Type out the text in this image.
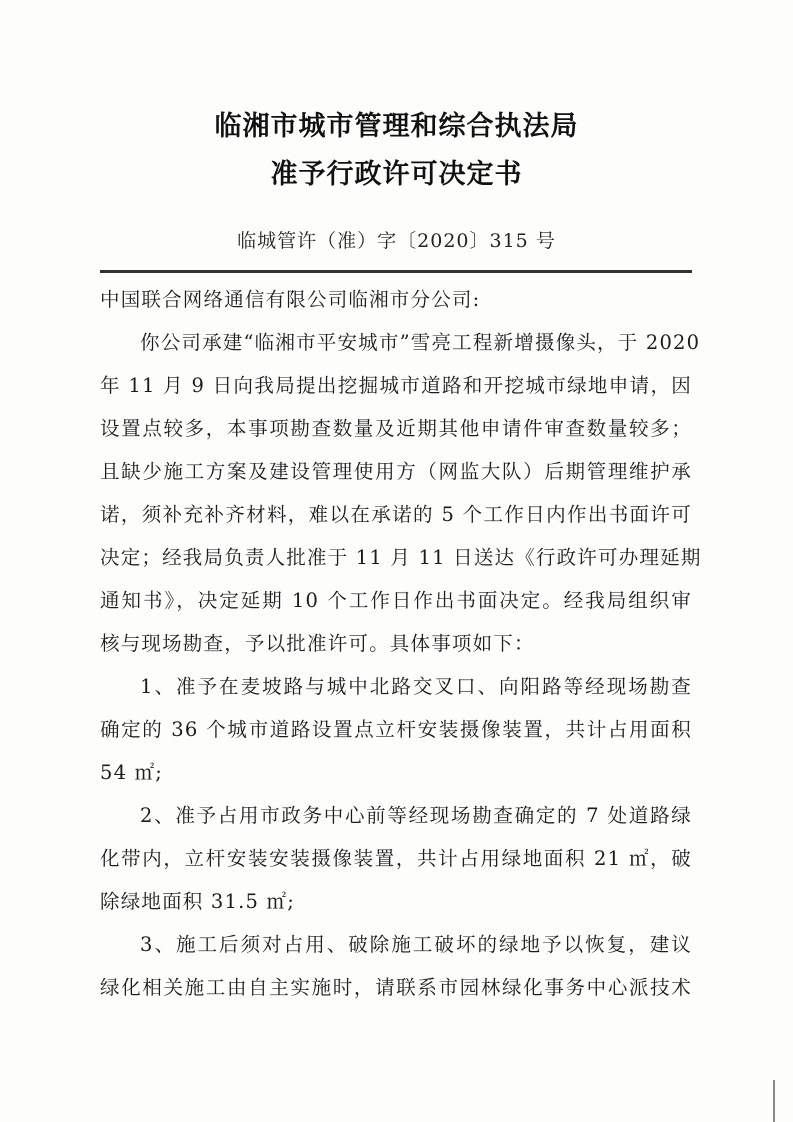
临湘市城市管理和综合执法局
准予行政许可决定书
临城管许（准）字〔2020〕315 号
中国联合网络通信有限公司临湘市分公司:
你公司承建“临湘市平安城市”雪亮工程新增摄像头，于 2020
年 11 月 9 日向我局提出挖掘城市道路和开挖城市绿地申请，因
设置点较多，本事项勘查数量及近期其他申请件审查数量较多；
且缺少施工方案及建设管理使用方（网监大队）后期管理维护承
诺，须补充补齐材料，难以在承诺的 5 个工作日内作出书面许可
决定；经我局负责人批准于 11 月 11 日送达《行政许可办理延期
通知书》，决定延期 10 个工作日作出书面决定。经我局组织审
核与现场勘查，予以批准许可。具体事项如下：
1、准予在麦坡路与城中北路交叉口、向阳路等经现场勘查
确定的 36 个城市道路设置点立杆安装摄像装置，共计占用面积
54 ㎡;
2、准予占用市政务中心前等经现场勘查确定的 7 处道路绿
化带内，立杆安装安装摄像装置，共计占用绿地面积 21 ㎡，破
除绿地面积 31.5 ㎡;
3、施工后须对占用、破除施工破坏的绿地予以恢复，建议
绿化相关施工由自主实施时，请联系市园林绿化事务中心派技术
